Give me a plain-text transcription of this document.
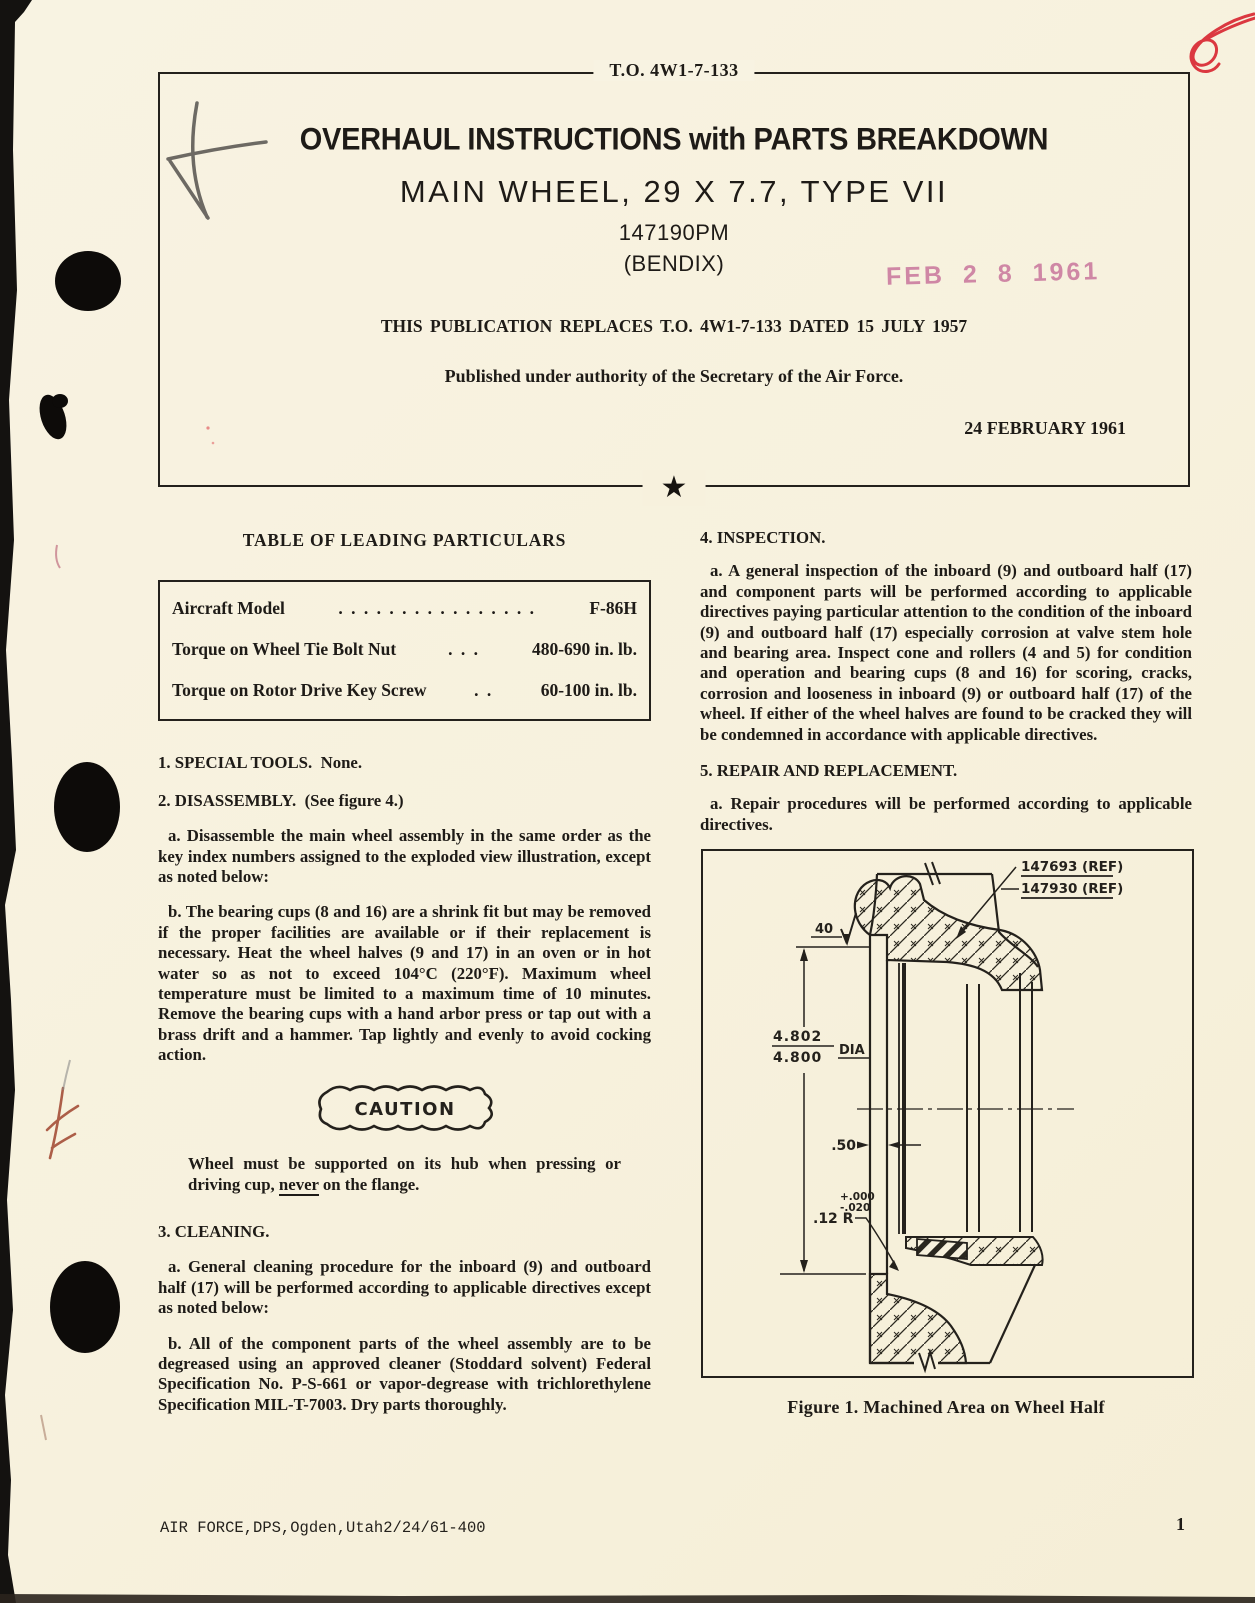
T.O. 4W1-7-133
OVERHAUL INSTRUCTIONS with PARTS BREAKDOWN
MAIN WHEEL, 29 X 7.7, TYPE VII
147190PM
(BENDIX)	FEB 2 8 1961
THIS PUBLICATION REPLACES T.O. 4W1-7-133 DATED 15 JULY 1957
Published under authority of the Secretary of the Air Force.
24 FEBRUARY 1961
★
TABLE OF LEADING PARTICULARS
Aircraft Model	. . . . . . . . . . . . . . . .	F-86H
Torque on Wheel Tie Bolt Nut	. . .	480-690 in. lb.
Torque on Rotor Drive Key Screw	. .	60-100 in. lb.
1. SPECIAL TOOLS. None.
2. DISASSEMBLY. (See figure 4.)

a. Disassemble the main wheel assembly in the same order as the key index numbers assigned to the exploded view illustration, except as noted below:

b. The bearing cups (8 and 16) are a shrink fit but may be removed if the proper facilities are available or if their replacement is necessary. Heat the wheel halves (9 and 17) in an oven or in hot water so as not to exceed 104°C (220°F). Maximum wheel temperature must be limited to a maximum time of 10 minutes. Remove the bearing cups with a hand arbor press or tap out with a brass drift and a hammer. Tap lightly and evenly to avoid cocking action.

CAUTION

Wheel must be supported on its hub when pressing or driving cup, never on the flange.

3. CLEANING.

a. General cleaning procedure for the inboard (9) and outboard half (17) will be performed according to applicable directives except as noted below:

b. All of the component parts of the wheel assembly are to be degreased using an approved cleaner (Stoddard solvent) Federal Specification No. P-S-661 or vapor-degrease with trichlorethylene Specification MIL-T-7003. Dry parts thoroughly.

4. INSPECTION.

a. A general inspection of the inboard (9) and outboard half (17) and component parts will be performed according to applicable directives paying particular attention to the condition of the inboard (9) and outboard half (17) especially corrosion at valve stem hole and bearing area. Inspect cone and rollers (4 and 5) for condition and operation and bearing cups (8 and 16) for scoring, cracks, corrosion and looseness in inboard (9) or outboard half (17) of the wheel. If either of the wheel halves are found to be cracked they will be condemned in accordance with applicable directives.

5. REPAIR AND REPLACEMENT.

a. Repair procedures will be performed according to applicable directives.

4.802
4.800 DIA
40
.50
+.000
-.020
.12 R
147693 (REF)
147930 (REF)
Figure 1. Machined Area on Wheel Half
AIR FORCE,DPS,Ogden,Utah2/24/61-400	1
